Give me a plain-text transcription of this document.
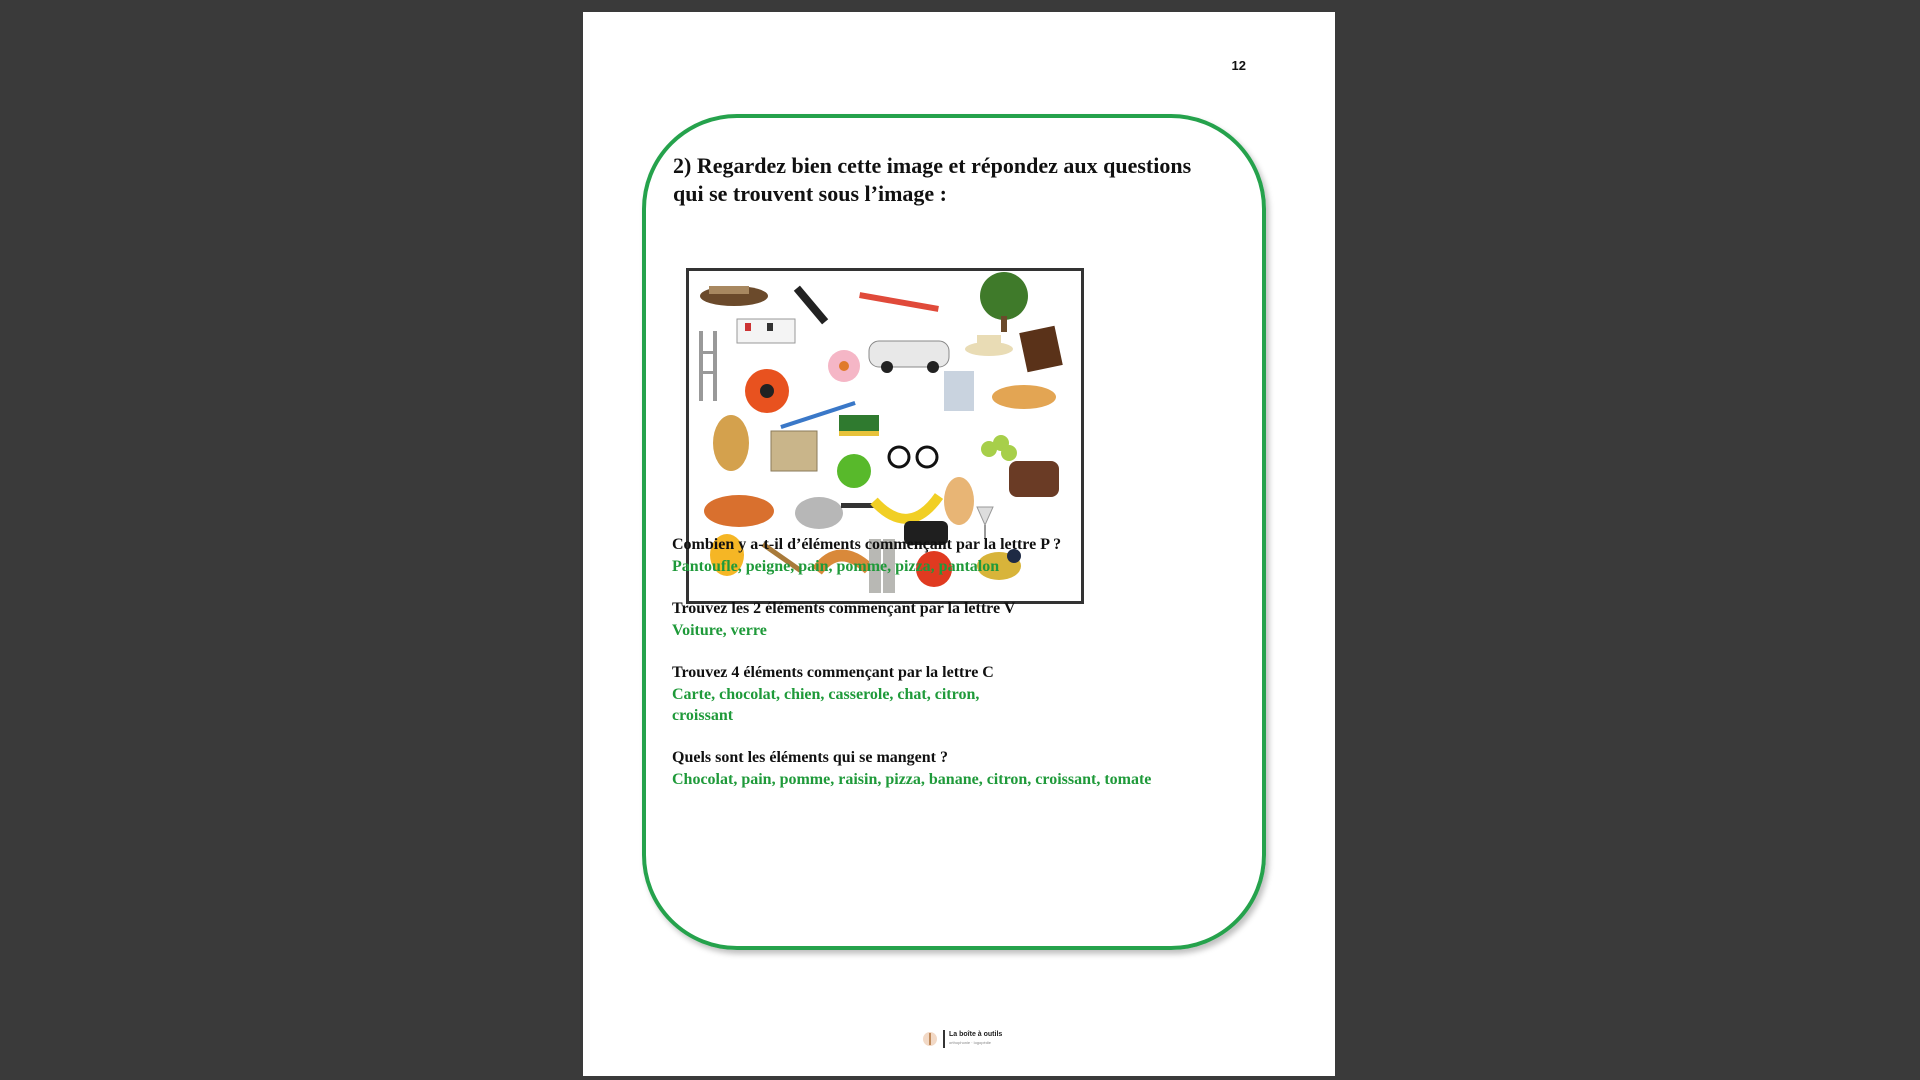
12
2) Regardez bien cette image et répondez aux questions
qui se trouvent sous l’image :
Combien y a-t-il d’éléments commençant par la lettre P ?
Pantoufle, peigne, pain, pomme, pizza, pantalon
Trouvez les 2 éléments commençant par la lettre V
Voiture, verre
Trouvez 4 éléments commençant par la lettre C
Carte, chocolat, chien, casserole, chat, citron,
croissant
Quels sont les éléments qui se mangent ?
Chocolat, pain, pomme, raisin, pizza, banane, citron, croissant, tomate
La boîte à outils
orthophonie · logopédie
